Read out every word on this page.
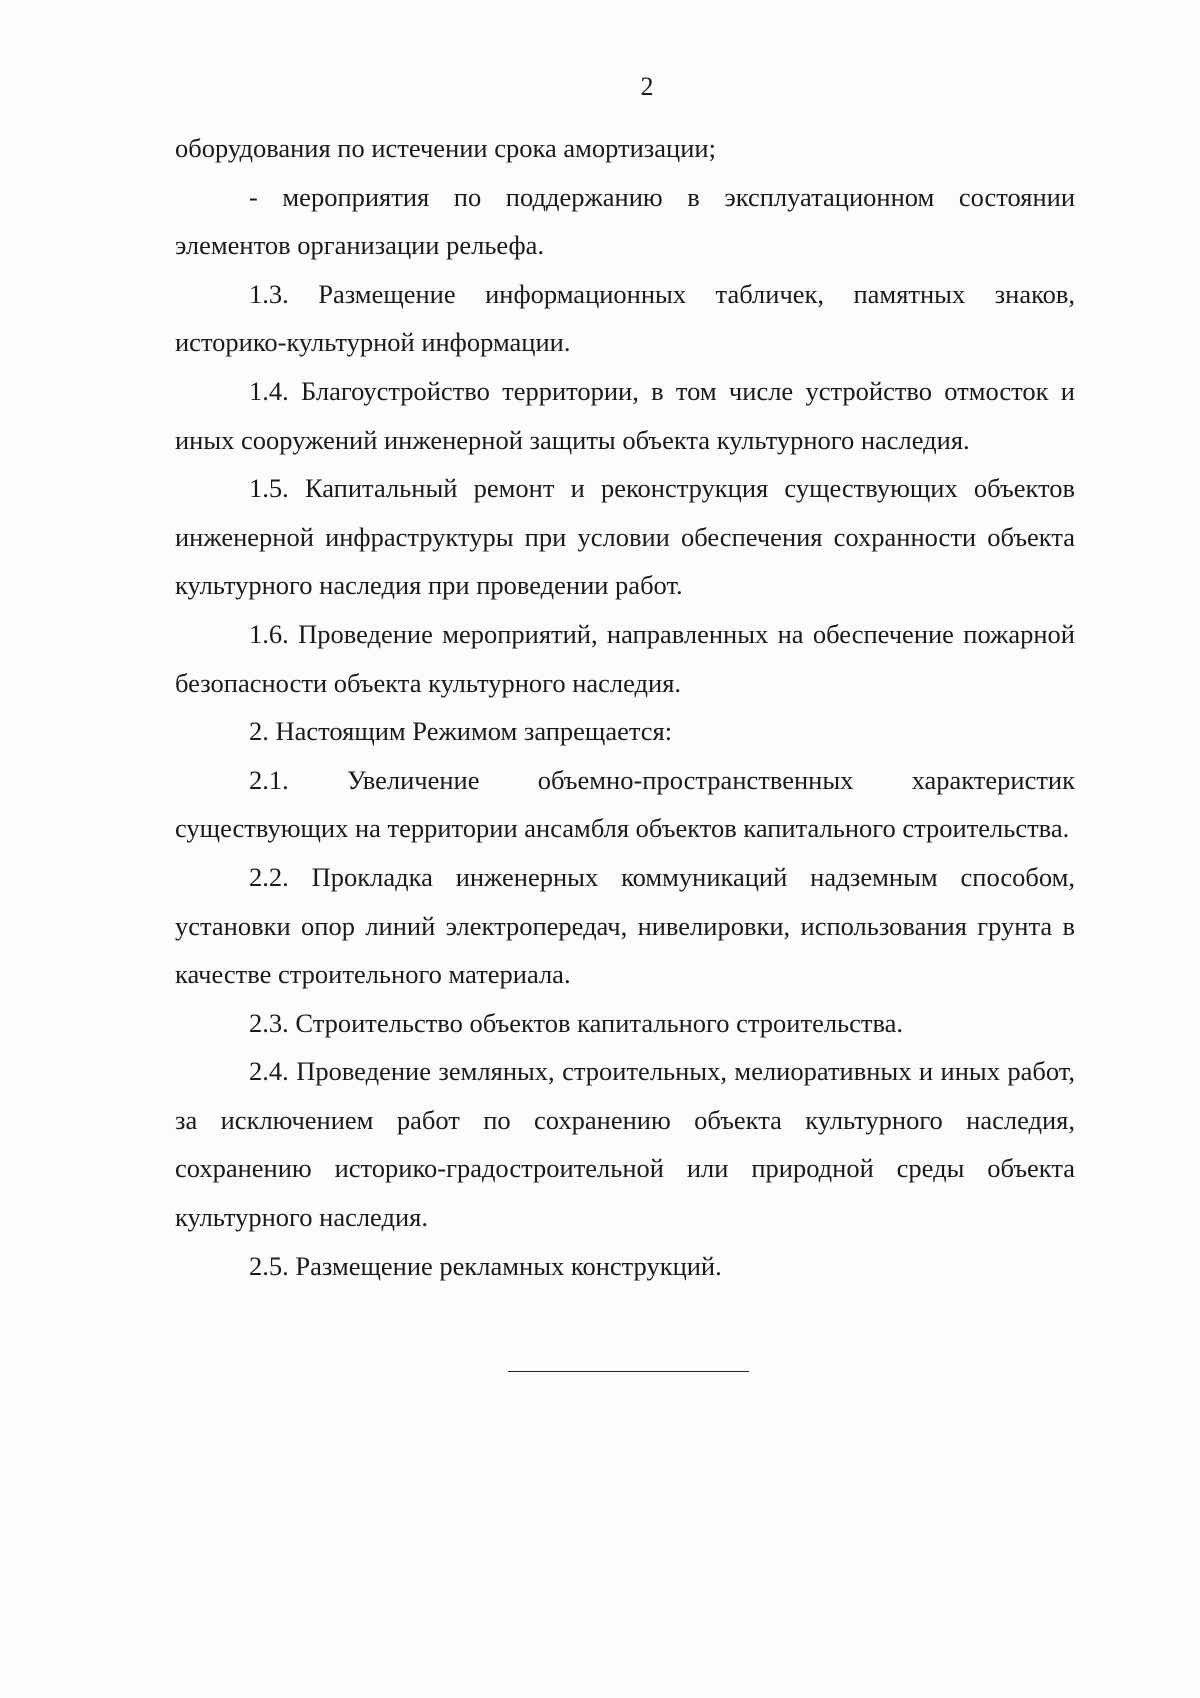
2

оборудования по истечении срока амортизации;

- мероприятия по поддержанию в эксплуатационном состоянии элементов организации рельефа.

1.3. Размещение информационных табличек, памятных знаков, историко-культурной информации.

1.4. Благоустройство территории, в том числе устройство отмосток и иных сооружений инженерной защиты объекта культурного наследия.

1.5. Капитальный ремонт и реконструкция существующих объектов инженерной инфраструктуры при условии обеспечения сохранности объекта культурного наследия при проведении работ.

1.6. Проведение мероприятий, направленных на обеспечение пожарной безопасности объекта культурного наследия.

2. Настоящим Режимом запрещается:

2.1. Увеличение объемно-пространственных характеристик существующих на территории ансамбля объектов капитального строительства.

2.2. Прокладка инженерных коммуникаций надземным способом, установки опор линий электропередач, нивелировки, использования грунта в качестве строительного материала.

2.3. Строительство объектов капитального строительства.

2.4. Проведение земляных, строительных, мелиоративных и иных работ, за исключением работ по сохранению объекта культурного наследия, сохранению историко-градостроительной или природной среды объекта культурного наследия.

2.5. Размещение рекламных конструкций.
